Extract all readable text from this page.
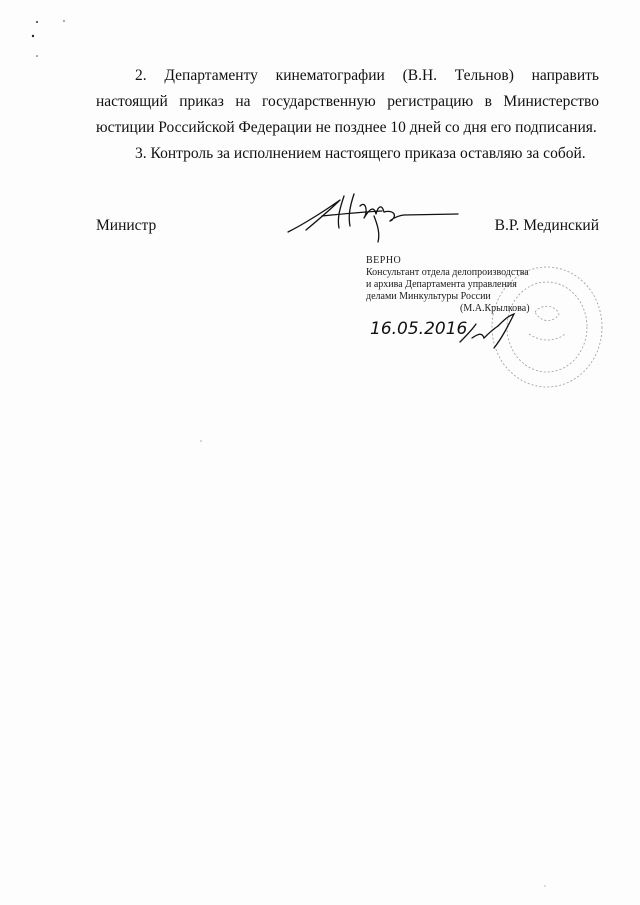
2. Департаменту кинематографии (В.Н. Тельнов) направить настоящий приказ на государственную регистрацию в Министерство юстиции Российской Федерации не позднее 10 дней со дня его подписания.
3. Контроль за исполнением настоящего приказа оставляю за собой.
Министр	В.Р. Мединский
ВЕРНО
Консультант отдела делопроизводства
и архива Департамента управления
делами Минкультуры России
(М.А.Крылкова)
16.05.2016
